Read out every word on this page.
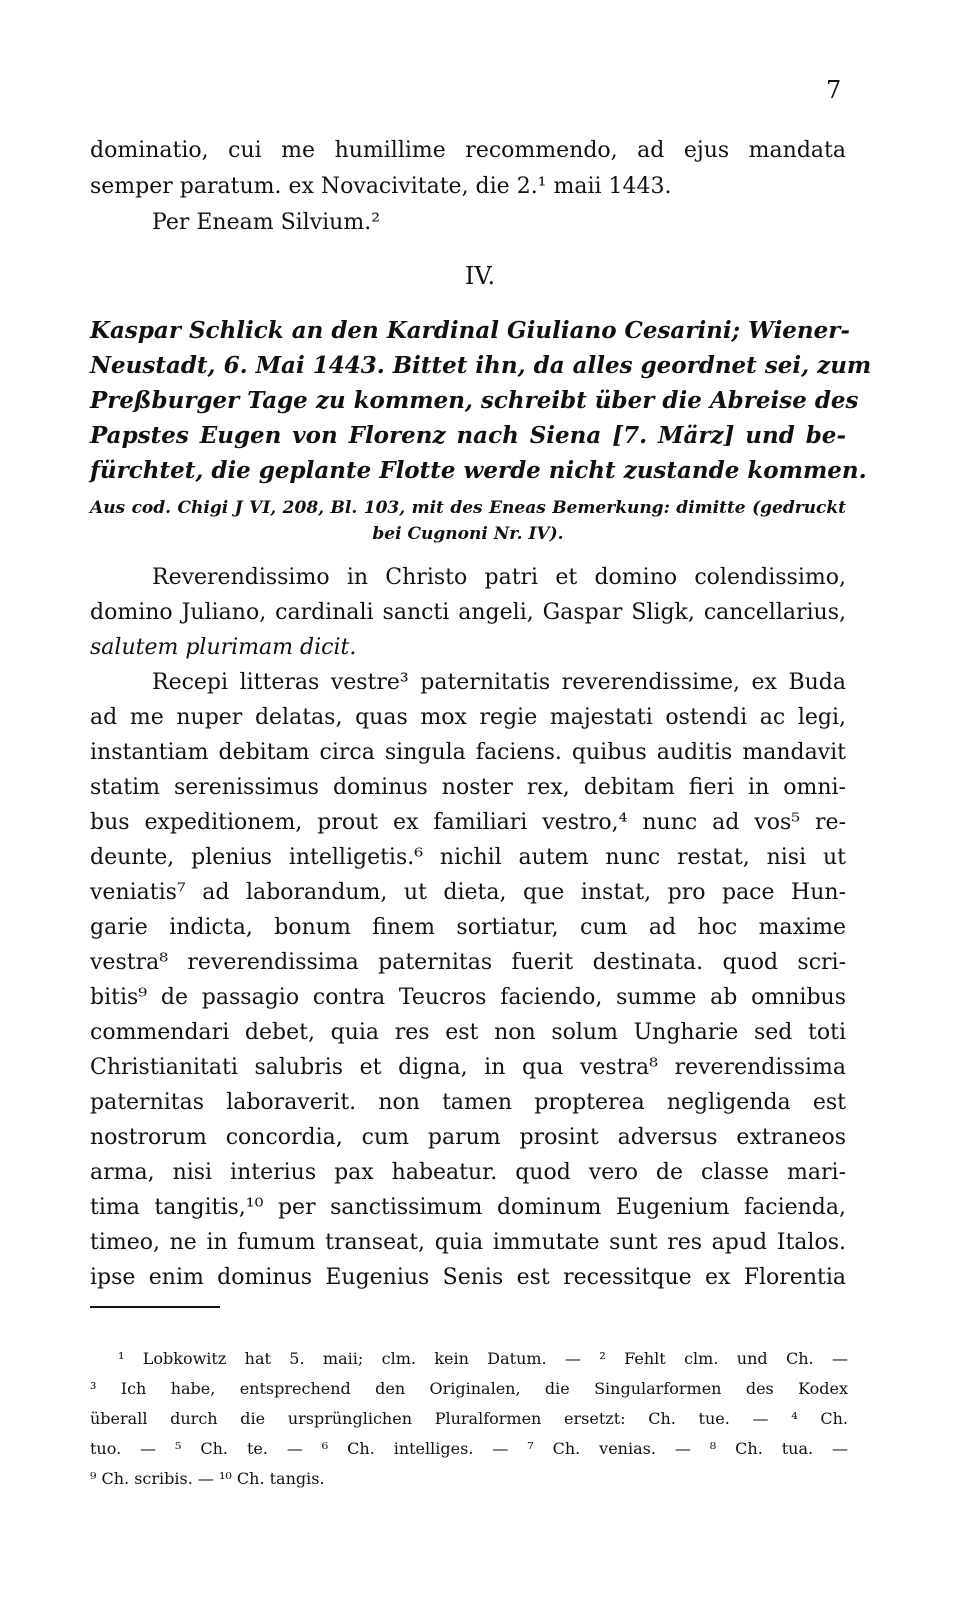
7
dominatio, cui me humillime recommendo, ad ejus mandata
semper paratum. ex Novacivitate, die 2.¹ maii 1443.
Per Eneam Silvium.²
IV.
Kaspar Schlick an den Kardinal Giuliano Cesarini; Wiener-
Neustadt, 6. Mai 1443. Bittet ihn, da alles geordnet sei, zum
Preßburger Tage zu kommen, schreibt über die Abreise des
Papstes Eugen von Florenz nach Siena [7. März] und be-
fürchtet, die geplante Flotte werde nicht zustande kommen.
Aus cod. Chigi J VI, 208, Bl. 103, mit des Eneas Bemerkung: dimitte (gedruckt
bei Cugnoni Nr. IV).
Reverendissimo in Christo patri et domino colendissimo,
domino Juliano, cardinali sancti angeli, Gaspar Sligk, cancellarius,
salutem plurimam dicit.
Recepi litteras vestre³ paternitatis reverendissime, ex Buda
ad me nuper delatas, quas mox regie majestati ostendi ac legi,
instantiam debitam circa singula faciens. quibus auditis mandavit
statim serenissimus dominus noster rex, debitam fieri in omni-
bus expeditionem, prout ex familiari vestro,⁴ nunc ad vos⁵ re-
deunte, plenius intelligetis.⁶ nichil autem nunc restat, nisi ut
veniatis⁷ ad laborandum, ut dieta, que instat, pro pace Hun-
garie indicta, bonum finem sortiatur, cum ad hoc maxime
vestra⁸ reverendissima paternitas fuerit destinata. quod scri-
bitis⁹ de passagio contra Teucros faciendo, summe ab omnibus
commendari debet, quia res est non solum Ungharie sed toti
Christianitati salubris et digna, in qua vestra⁸ reverendissima
paternitas laboraverit. non tamen propterea negligenda est
nostrorum concordia, cum parum prosint adversus extraneos
arma, nisi interius pax habeatur. quod vero de classe mari-
tima tangitis,¹⁰ per sanctissimum dominum Eugenium facienda,
timeo, ne in fumum transeat, quia immutate sunt res apud Italos.
ipse enim dominus Eugenius Senis est recessitque ex Florentia
¹ Lobkowitz hat 5. maii; clm. kein Datum. — ² Fehlt clm. und Ch. —
³ Ich habe, entsprechend den Originalen, die Singularformen des Kodex
überall durch die ursprünglichen Pluralformen ersetzt: Ch. tue. — ⁴ Ch.
tuo. — ⁵ Ch. te. — ⁶ Ch. intelliges. — ⁷ Ch. venias. — ⁸ Ch. tua. —
⁹ Ch. scribis. — ¹⁰ Ch. tangis.
